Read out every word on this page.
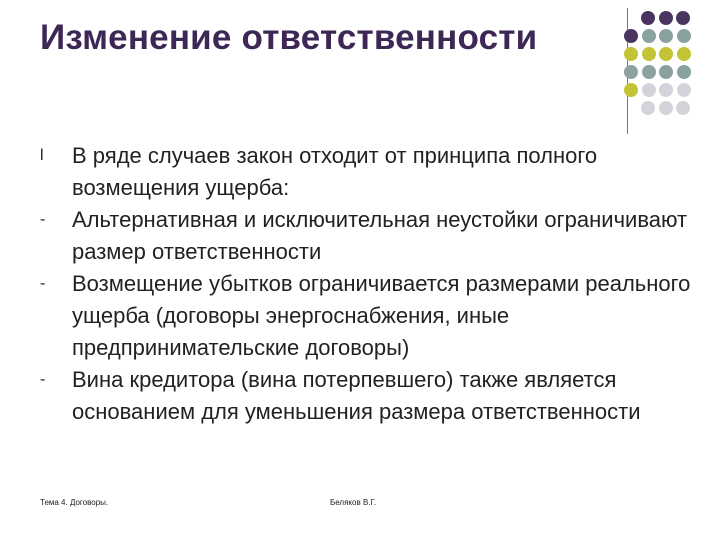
Изменение ответственности
l	В ряде случаев закон отходит от принципа полного возмещения ущерба:
-	Альтернативная и исключительная неустойки ограничивают размер ответственности
-	Возмещение убытков ограничивается размерами реального ущерба (договоры энергоснабжения, иные предпринимательские договоры)
-	Вина кредитора (вина потерпевшего) также является основанием для уменьшения размера ответственности
Тема 4. Договоры.	Беляков В.Г.
